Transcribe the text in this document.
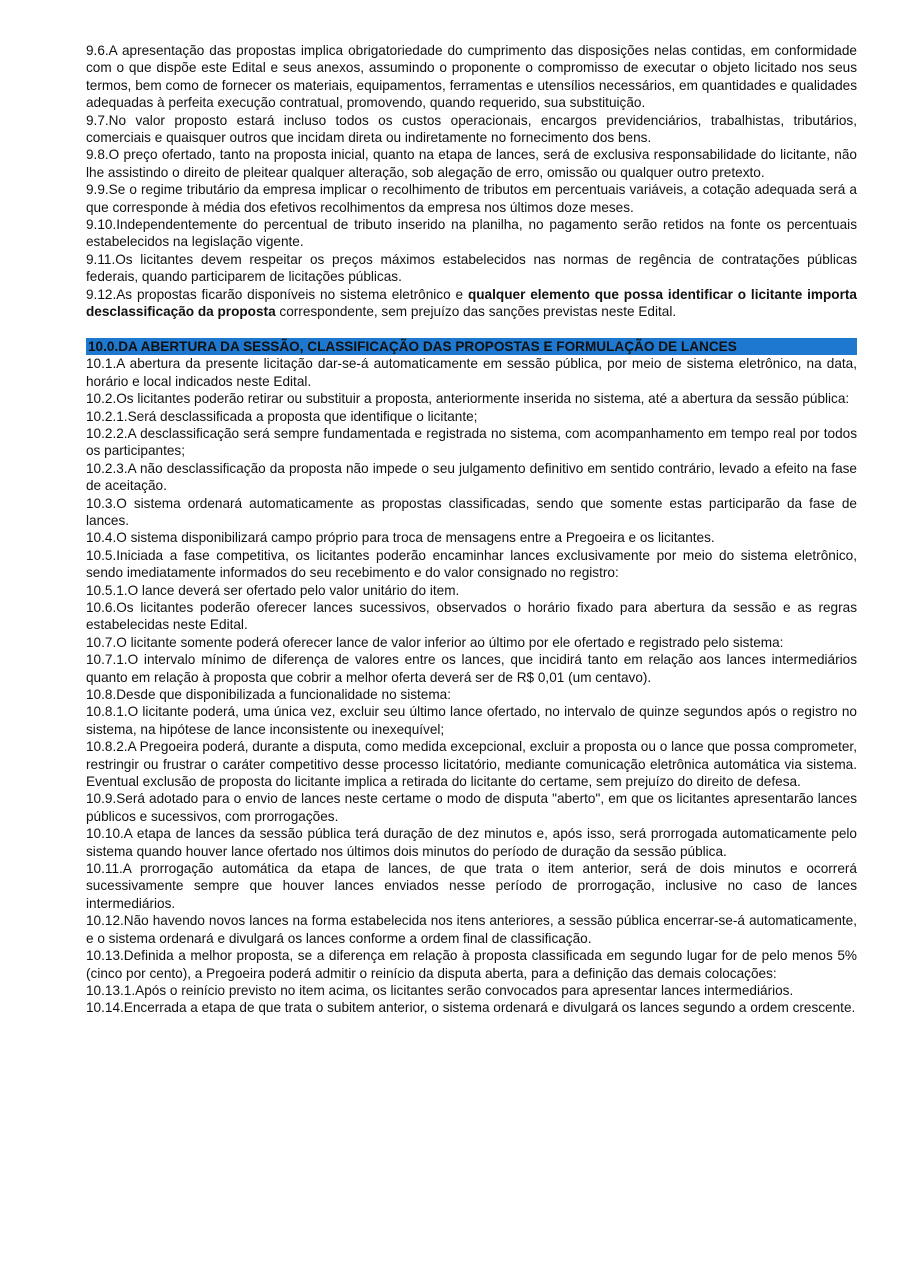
9.6.A apresentação das propostas implica obrigatoriedade do cumprimento das disposições nelas contidas, em conformidade com o que dispõe este Edital e seus anexos, assumindo o proponente o compromisso de executar o objeto licitado nos seus termos, bem como de fornecer os materiais, equipamentos, ferramentas e utensílios necessários, em quantidades e qualidades adequadas à perfeita execução contratual, promovendo, quando requerido, sua substituição.

9.7.No valor proposto estará incluso todos os custos operacionais, encargos previdenciários, trabalhistas, tributários, comerciais e quaisquer outros que incidam direta ou indiretamente no fornecimento dos bens.

9.8.O preço ofertado, tanto na proposta inicial, quanto na etapa de lances, será de exclusiva responsabilidade do licitante, não lhe assistindo o direito de pleitear qualquer alteração, sob alegação de erro, omissão ou qualquer outro pretexto.

9.9.Se o regime tributário da empresa implicar o recolhimento de tributos em percentuais variáveis, a cotação adequada será a que corresponde à média dos efetivos recolhimentos da empresa nos últimos doze meses.

9.10.Independentemente do percentual de tributo inserido na planilha, no pagamento serão retidos na fonte os percentuais estabelecidos na legislação vigente.

9.11.Os licitantes devem respeitar os preços máximos estabelecidos nas normas de regência de contratações públicas federais, quando participarem de licitações públicas.

9.12.As propostas ficarão disponíveis no sistema eletrônico e qualquer elemento que possa identificar o licitante importa desclassificação da proposta correspondente, sem prejuízo das sanções previstas neste Edital.

10.0.DA ABERTURA DA SESSÃO, CLASSIFICAÇÃO DAS PROPOSTAS E FORMULAÇÃO DE LANCES

10.1.A abertura da presente licitação dar-se-á automaticamente em sessão pública, por meio de sistema eletrônico, na data, horário e local indicados neste Edital.

10.2.Os licitantes poderão retirar ou substituir a proposta, anteriormente inserida no sistema, até a abertura da sessão pública:

10.2.1.Será desclassificada a proposta que identifique o licitante;

10.2.2.A desclassificação será sempre fundamentada e registrada no sistema, com acompanhamento em tempo real por todos os participantes;

10.2.3.A não desclassificação da proposta não impede o seu julgamento definitivo em sentido contrário, levado a efeito na fase de aceitação.

10.3.O sistema ordenará automaticamente as propostas classificadas, sendo que somente estas participarão da fase de lances.

10.4.O sistema disponibilizará campo próprio para troca de mensagens entre a Pregoeira e os licitantes.

10.5.Iniciada a fase competitiva, os licitantes poderão encaminhar lances exclusivamente por meio do sistema eletrônico, sendo imediatamente informados do seu recebimento e do valor consignado no registro:

10.5.1.O lance deverá ser ofertado pelo valor unitário do item.

10.6.Os licitantes poderão oferecer lances sucessivos, observados o horário fixado para abertura da sessão e as regras estabelecidas neste Edital.

10.7.O licitante somente poderá oferecer lance de valor inferior ao último por ele ofertado e registrado pelo sistema:

10.7.1.O intervalo mínimo de diferença de valores entre os lances, que incidirá tanto em relação aos lances intermediários quanto em relação à proposta que cobrir a melhor oferta deverá ser de R$ 0,01 (um centavo).

10.8.Desde que disponibilizada a funcionalidade no sistema:

10.8.1.O licitante poderá, uma única vez, excluir seu último lance ofertado, no intervalo de quinze segundos após o registro no sistema, na hipótese de lance inconsistente ou inexequível;

10.8.2.A Pregoeira poderá, durante a disputa, como medida excepcional, excluir a proposta ou o lance que possa comprometer, restringir ou frustrar o caráter competitivo desse processo licitatório, mediante comunicação eletrônica automática via sistema. Eventual exclusão de proposta do licitante implica a retirada do licitante do certame, sem prejuízo do direito de defesa.

10.9.Será adotado para o envio de lances neste certame o modo de disputa "aberto", em que os licitantes apresentarão lances públicos e sucessivos, com prorrogações.

10.10.A etapa de lances da sessão pública terá duração de dez minutos e, após isso, será prorrogada automaticamente pelo sistema quando houver lance ofertado nos últimos dois minutos do período de duração da sessão pública.

10.11.A prorrogação automática da etapa de lances, de que trata o item anterior, será de dois minutos e ocorrerá sucessivamente sempre que houver lances enviados nesse período de prorrogação, inclusive no caso de lances intermediários.

10.12.Não havendo novos lances na forma estabelecida nos itens anteriores, a sessão pública encerrar-se-á automaticamente, e o sistema ordenará e divulgará os lances conforme a ordem final de classificação.

10.13.Definida a melhor proposta, se a diferença em relação à proposta classificada em segundo lugar for de pelo menos 5% (cinco por cento), a Pregoeira poderá admitir o reinício da disputa aberta, para a definição das demais colocações:

10.13.1.Após o reinício previsto no item acima, os licitantes serão convocados para apresentar lances intermediários.

10.14.Encerrada a etapa de que trata o subitem anterior, o sistema ordenará e divulgará os lances segundo a ordem crescente.
